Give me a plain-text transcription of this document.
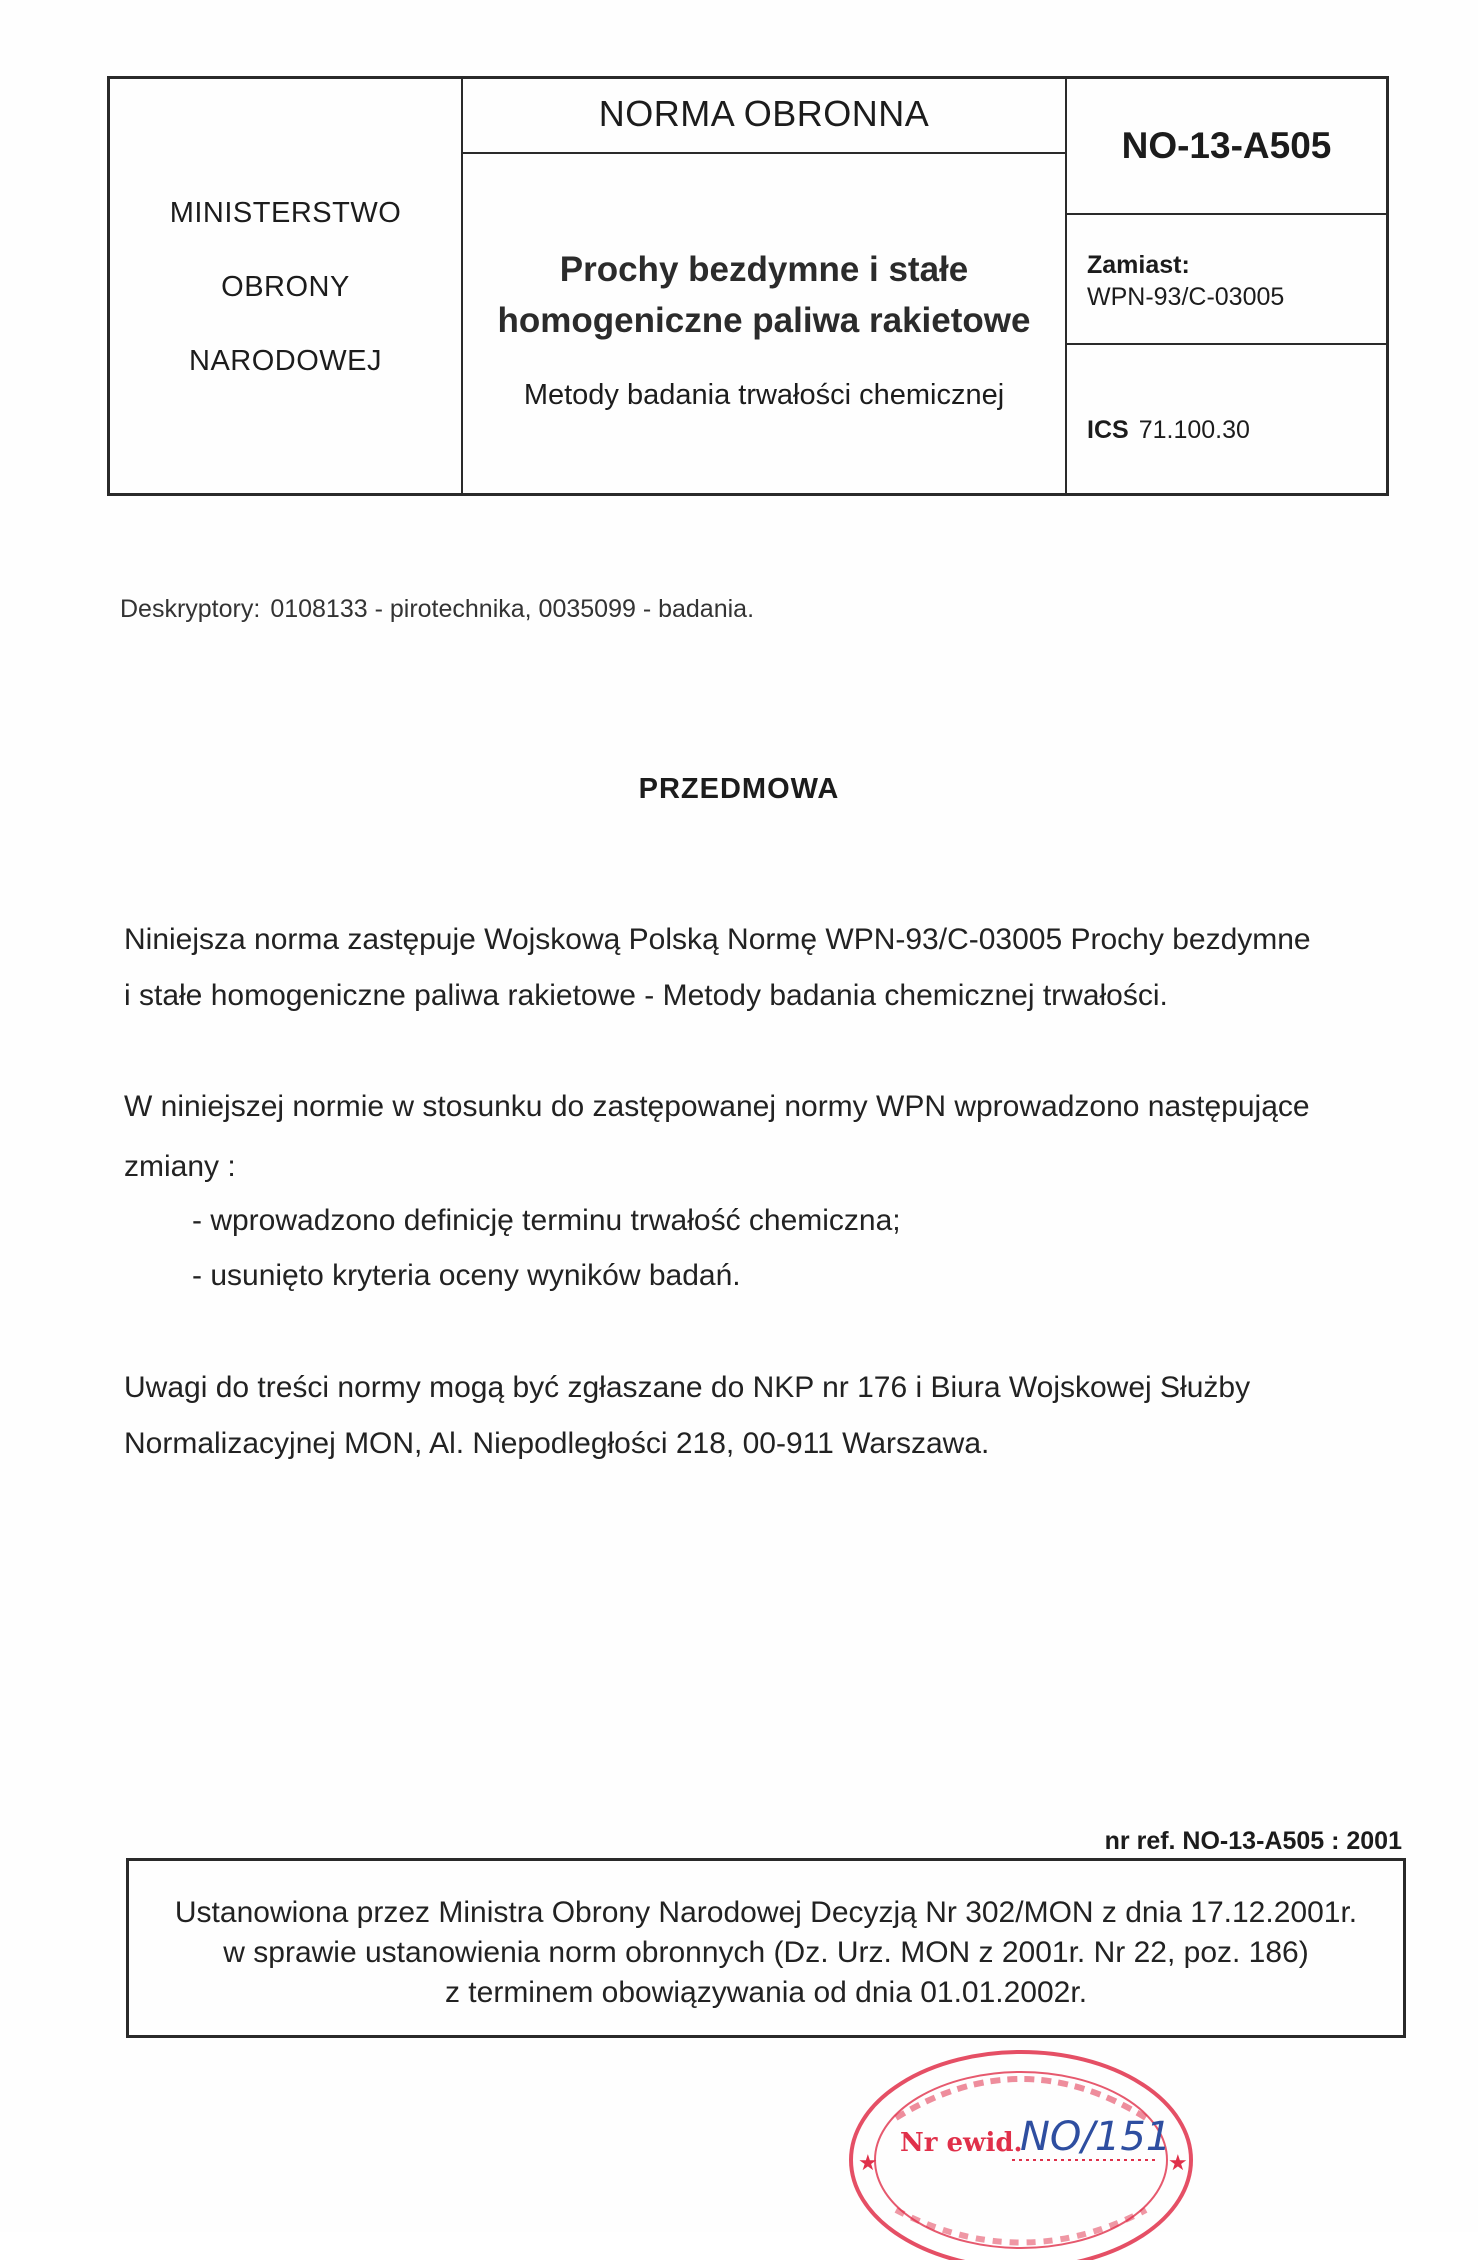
MINISTERSTWO
OBRONY
NARODOWEJ
NORMA OBRONNA
Prochy bezdymne i stałe
homogeniczne paliwa rakietowe
Metody badania trwałości chemicznej
NO-13-A505
Zamiast:
WPN-93/C-03005
ICS 71.100.30
Deskryptory: 0108133 - pirotechnika, 0035099 - badania.
PRZEDMOWA
Niniejsza norma zastępuje Wojskową Polską Normę WPN-93/C-03005 Prochy bezdymne
i stałe homogeniczne paliwa rakietowe - Metody badania chemicznej trwałości.
W niniejszej normie w stosunku do zastępowanej normy WPN wprowadzono następujące
zmiany :
- wprowadzono definicję terminu trwałość chemiczna;
- usunięto kryteria oceny wyników badań.
Uwagi do treści normy mogą być zgłaszane do NKP nr 176 i Biura Wojskowej Służby
Normalizacyjnej MON, Al. Niepodległości 218, 00-911 Warszawa.
nr ref. NO-13-A505 : 2001
Ustanowiona przez Ministra Obrony Narodowej Decyzją Nr 302/MON z dnia 17.12.2001r.
w sprawie ustanowienia norm obronnych (Dz. Urz. MON z 2001r. Nr 22, poz. 186)
z terminem obowiązywania od dnia 01.01.2002r.
★	★
Nr ewid.
NO/151
